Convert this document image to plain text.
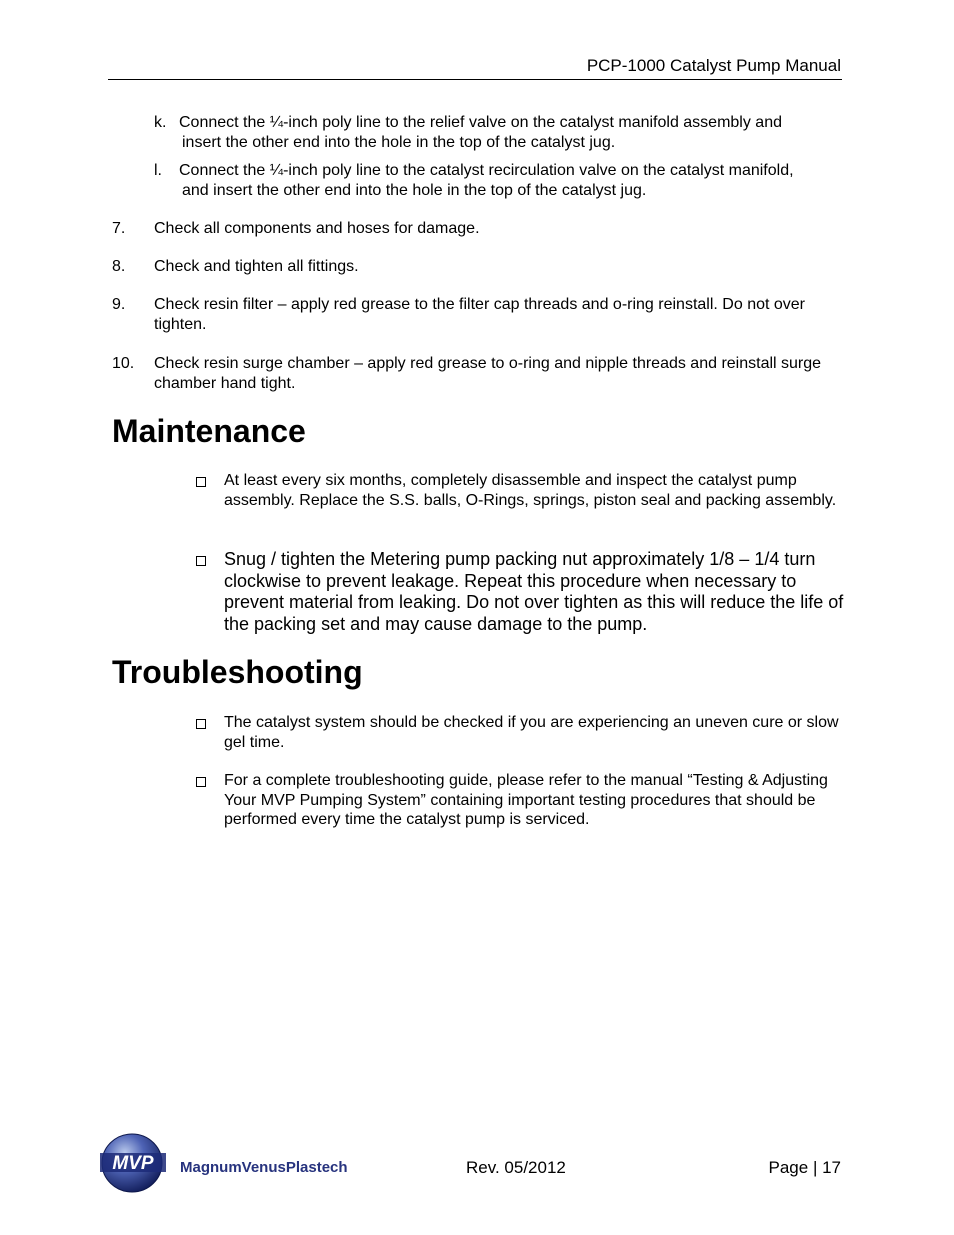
PCP-1000 Catalyst Pump Manual
k. Connect the ¼-inch poly line to the relief valve on the catalyst manifold assembly and
insert the other end into the hole in the top of the catalyst jug.
l. Connect the ¼-inch poly line to the catalyst recirculation valve on the catalyst manifold,
and insert the other end into the hole in the top of the catalyst jug.
7. Check all components and hoses for damage.
8. Check and tighten all fittings.
9. Check resin filter – apply red grease to the filter cap threads and o-ring reinstall. Do not over tighten.
10. Check resin surge chamber – apply red grease to o-ring and nipple threads and reinstall surge chamber hand tight.
Maintenance
At least every six months, completely disassemble and inspect the catalyst pump assembly. Replace the S.S. balls, O-Rings, springs, piston seal and packing assembly.
Snug / tighten the Metering pump packing nut approximately 1/8 – 1/4 turn clockwise to prevent leakage. Repeat this procedure when necessary to prevent material from leaking. Do not over tighten as this will reduce the life of the packing set and may cause damage to the pump.
Troubleshooting
The catalyst system should be checked if you are experiencing an uneven cure or slow gel time.
For a complete troubleshooting guide, please refer to the manual “Testing & Adjusting Your MVP Pumping System” containing important testing procedures that should be performed every time the catalyst pump is serviced.
MVP MagnumVenusPlastech	Rev. 05/2012	Page | 17
